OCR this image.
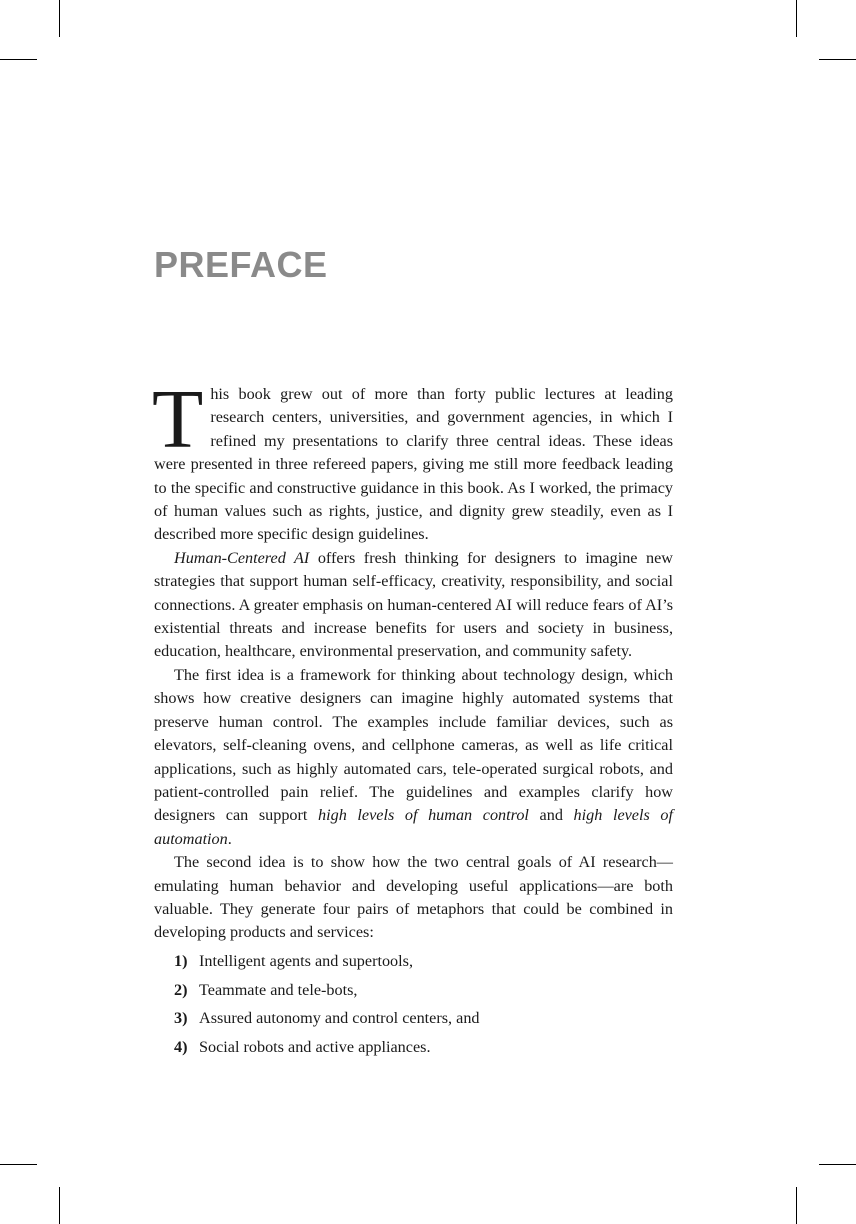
PREFACE

This book grew out of more than forty public lectures at leading research centers, universities, and government agencies, in which I refined my presentations to clarify three central ideas. These ideas were presented in three refereed papers, giving me still more feedback leading to the specific and constructive guidance in this book. As I worked, the primacy of human values such as rights, justice, and dignity grew steadily, even as I described more specific design guidelines.

Human-Centered AI offers fresh thinking for designers to imagine new strategies that support human self-efficacy, creativity, responsibility, and social connections. A greater emphasis on human-centered AI will reduce fears of AI’s existential threats and increase benefits for users and society in business, education, healthcare, environmental preservation, and community safety.

The first idea is a framework for thinking about technology design, which shows how creative designers can imagine highly automated systems that preserve human control. The examples include familiar devices, such as elevators, self-cleaning ovens, and cellphone cameras, as well as life critical applications, such as highly automated cars, tele-operated surgical robots, and patient-controlled pain relief. The guidelines and examples clarify how designers can support high levels of human control and high levels of automation.

The second idea is to show how the two central goals of AI research—emulating human behavior and developing useful applications—are both valuable. They generate four pairs of metaphors that could be combined in developing products and services:

1) Intelligent agents and supertools,
2) Teammate and tele-bots,
3) Assured autonomy and control centers, and
4) Social robots and active appliances.
